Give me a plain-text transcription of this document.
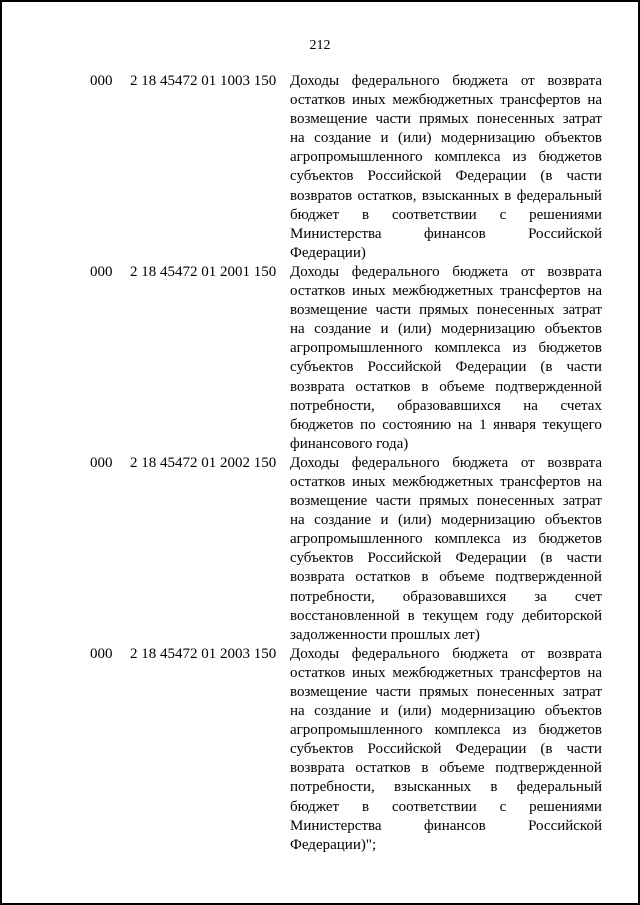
212
000	2 18 45472 01 1003 150 Доходы федерального бюджета от возврата
остатков иных межбюджетных трансфертов на
возмещение части прямых понесенных затрат
на создание и (или) модернизацию объектов
агропромышленного комплекса из бюджетов
субъектов Российской Федерации (в части
возвратов остатков, взысканных в федеральный
бюджет в соответствии с решениями
Министерства	финансов	Российской
Федерации)
000	2 18 45472 01 2001 150 Доходы федерального бюджета от возврата
остатков иных межбюджетных трансфертов на
возмещение части прямых понесенных затрат
на создание и (или) модернизацию объектов
агропромышленного комплекса из бюджетов
субъектов Российской Федерации (в части
возврата остатков в объеме подтвержденной
потребности, образовавшихся на счетах
бюджетов по состоянию на 1 января текущего
финансового года)
000	2 18 45472 01 2002 150 Доходы федерального бюджета от возврата
остатков иных межбюджетных трансфертов на
возмещение части прямых понесенных затрат
на создание и (или) модернизацию объектов
агропромышленного комплекса из бюджетов
субъектов Российской Федерации (в части
возврата остатков в объеме подтвержденной
потребности, образовавшихся за счет
восстановленной в текущем году дебиторской
задолженности прошлых лет)
000	2 18 45472 01 2003 150 Доходы федерального бюджета от возврата
остатков иных межбюджетных трансфертов на
возмещение части прямых понесенных затрат
на создание и (или) модернизацию объектов
агропромышленного комплекса из бюджетов
субъектов Российской Федерации (в части
возврата остатков в объеме подтвержденной
потребности, взысканных в федеральный
бюджет в соответствии с решениями
Министерства	финансов	Российской
Федерации)";
